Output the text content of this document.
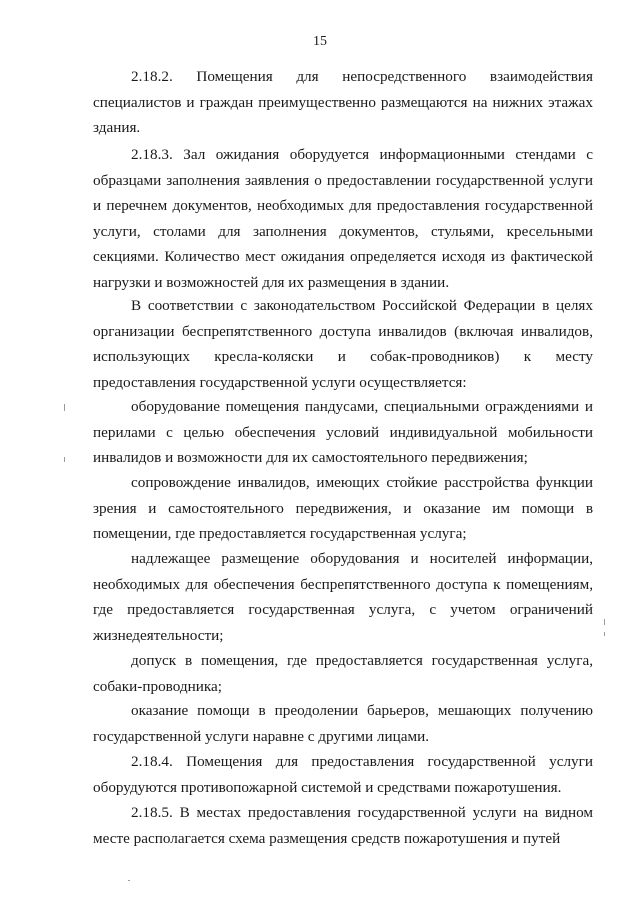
15

2.18.2. Помещения для непосредственного взаимодействия специалистов и граждан преимущественно размещаются на нижних этажах здания.

2.18.3. Зал ожидания оборудуется информационными стендами с образцами заполнения заявления о предоставлении государственной услуги и перечнем документов, необходимых для предоставления государственной услуги, столами для заполнения документов, стульями, кресельными секциями. Количество мест ожидания определяется исходя из фактической нагрузки и возможностей для их размещения в здании.

В соответствии с законодательством Российской Федерации в целях организации беспрепятственного доступа инвалидов (включая инвалидов, использующих кресла-коляски и собак-проводников) к месту предоставления государственной услуги осуществляется:

оборудование помещения пандусами, специальными ограждениями и перилами с целью обеспечения условий индивидуальной мобильности инвалидов и возможности для их самостоятельного передвижения;

сопровождение инвалидов, имеющих стойкие расстройства функции зрения и самостоятельного передвижения, и оказание им помощи в помещении, где предоставляется государственная услуга;

надлежащее размещение оборудования и носителей информации, необходимых для обеспечения беспрепятственного доступа к помещениям, где предоставляется государственная услуга, с учетом ограничений жизнедеятельности;

допуск в помещения, где предоставляется государственная услуга, собаки-проводника;

оказание помощи в преодолении барьеров, мешающих получению государственной услуги наравне с другими лицами.

2.18.4. Помещения для предоставления государственной услуги оборудуются противопожарной системой и средствами пожаротушения.

2.18.5. В местах предоставления государственной услуги на видном месте располагается схема размещения средств пожаротушения и путей
